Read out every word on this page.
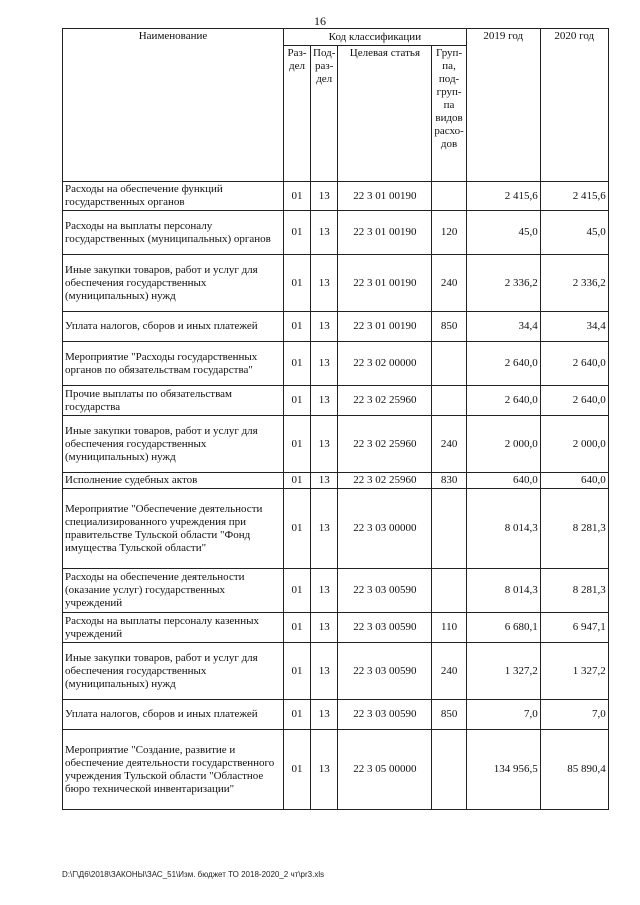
16
Наименование	Код классификации				2019 год	2020 год
	Раз- дел	Под- раз- дел	Целевая статья	Груп- па, под- груп- па видов расхо- дов		
Расходы на обеспечение функций государственных органов	01	13	22 3 01 00190		2 415,6	2 415,6
Расходы на выплаты персоналу государственных (муниципальных) органов	01	13	22 3 01 00190	120	45,0	45,0
Иные закупки товаров, работ и услуг для обеспечения государственных (муниципальных) нужд	01	13	22 3 01 00190	240	2 336,2	2 336,2
Уплата налогов, сборов и иных платежей	01	13	22 3 01 00190	850	34,4	34,4
Мероприятие "Расходы государственных органов по обязательствам государства"	01	13	22 3 02 00000		2 640,0	2 640,0
Прочие выплаты по обязательствам государства	01	13	22 3 02 25960		2 640,0	2 640,0
Иные закупки товаров, работ и услуг для обеспечения государственных (муниципальных) нужд	01	13	22 3 02 25960	240	2 000,0	2 000,0
Исполнение судебных актов	01	13	22 3 02 25960	830	640,0	640,0
Мероприятие "Обеспечение деятельности специализированного учреждения при правительстве Тульской области "Фонд имущества Тульской области"	01	13	22 3 03 00000		8 014,3	8 281,3
Расходы на обеспечение деятельности (оказание услуг) государственных учреждений	01	13	22 3 03 00590		8 014,3	8 281,3
Расходы на выплаты персоналу казенных учреждений	01	13	22 3 03 00590	110	6 680,1	6 947,1
Иные закупки товаров, работ и услуг для обеспечения государственных (муниципальных) нужд	01	13	22 3 03 00590	240	1 327,2	1 327,2
Уплата налогов, сборов и иных платежей	01	13	22 3 03 00590	850	7,0	7,0
Мероприятие "Создание, развитие и обеспечение деятельности государственного учреждения Тульской области "Областное бюро технической инвентаризации"	01	13	22 3 05 00000		134 956,5	85 890,4
D:\Г\Д6\2018\ЗАКОНЫ\ЗАС_51\Изм. бюджет ТО 2018-2020_2 чт\pr3.xls
